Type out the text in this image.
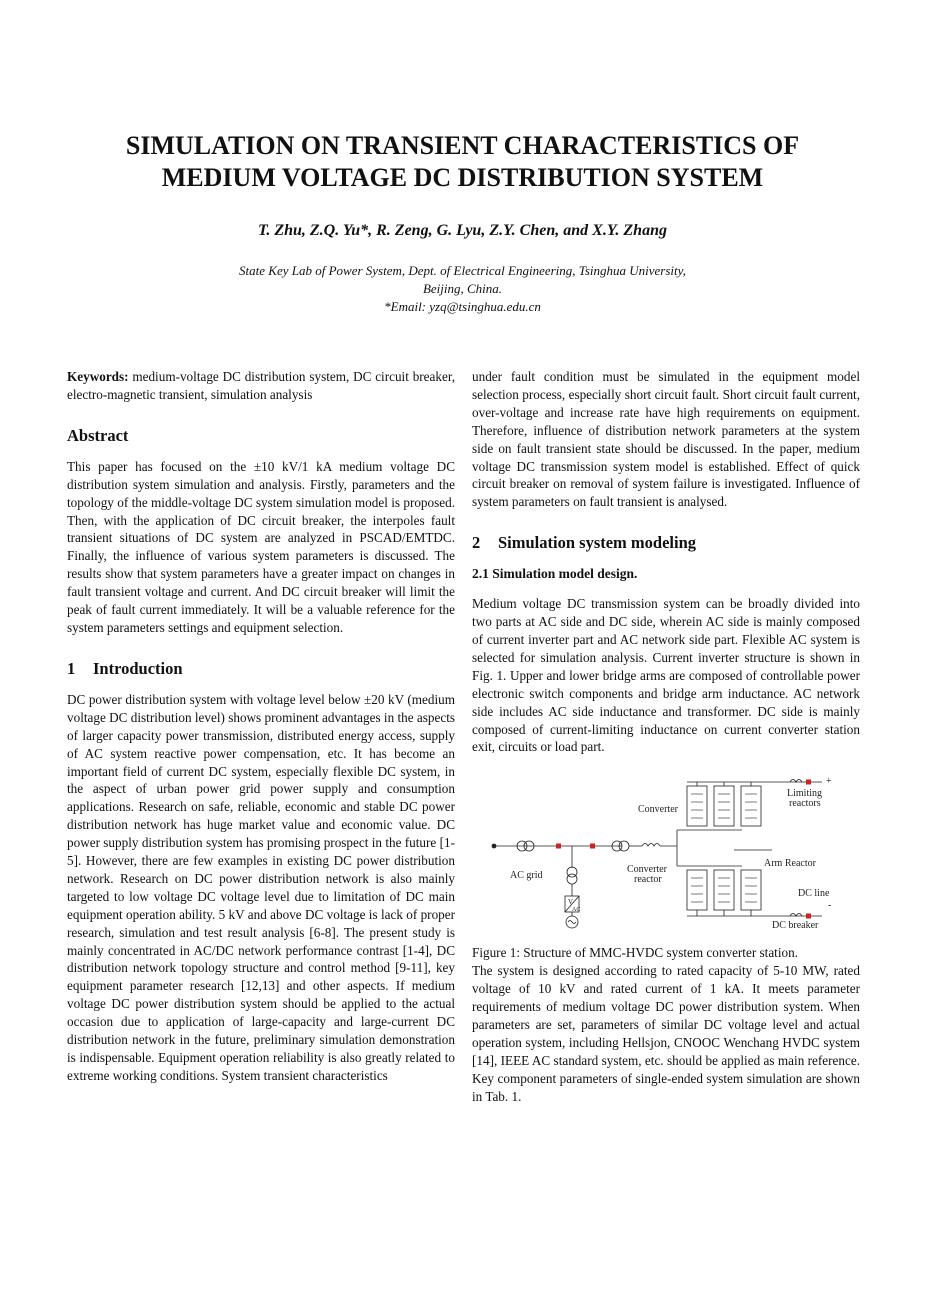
SIMULATION ON TRANSIENT CHARACTERISTICS OF
MEDIUM VOLTAGE DC DISTRIBUTION SYSTEM
T. Zhu, Z.Q. Yu*, R. Zeng, G. Lyu, Z.Y. Chen, and X.Y. Zhang
State Key Lab of Power System, Dept. of Electrical Engineering, Tsinghua University,
Beijing, China.
*Email: yzq@tsinghua.edu.cn

Keywords: medium-voltage DC distribution system, DC circuit breaker, electro-magnetic transient, simulation analysis

Abstract

This paper has focused on the ±10 kV/1 kA medium voltage DC distribution system simulation and analysis. Firstly, parameters and the topology of the middle-voltage DC system simulation model is proposed. Then, with the application of DC circuit breaker, the interpoles fault transient situations of DC system are analyzed in PSCAD/EMTDC. Finally, the influence of various system parameters is discussed. The results show that system parameters have a greater impact on changes in fault transient voltage and current. And DC circuit breaker will limit the peak of fault current immediately. It will be a valuable reference for the system parameters settings and equipment selection.

1 Introduction

DC power distribution system with voltage level below ±20 kV (medium voltage DC distribution level) shows prominent advantages in the aspects of larger capacity power transmission, distributed energy access, supply of AC system reactive power compensation, etc. It has become an important field of current DC system, especially flexible DC system, in the aspect of urban power grid power supply and consumption applications. Research on safe, reliable, economic and stable DC power distribution network has huge market value and economic value. DC power supply distribution system has promising prospect in the future [1-5]. However, there are few examples in existing DC power distribution network. Research on DC power distribution network is also mainly targeted to low voltage DC voltage level due to limitation of DC main equipment operation ability. 5 kV and above DC voltage is lack of proper research, simulation and test result analysis [6-8]. The present study is mainly concentrated in AC/DC network performance contrast [1-4], DC distribution network topology structure and control method [9-11], key equipment parameter research [12,13] and other aspects. If medium voltage DC power distribution system should be applied to the actual occasion due to application of large-capacity and large-current DC distribution network in the future, preliminary simulation demonstration is indispensable. Equipment operation reliability is also greatly related to extreme working conditions. System transient characteristics

under fault condition must be simulated in the equipment model selection process, especially short circuit fault. Short circuit fault current, over-voltage and increase rate have high requirements on equipment. Therefore, influence of distribution network parameters at the system side on fault transient state should be discussed. In the paper, medium voltage DC transmission system model is established. Effect of quick circuit breaker on removal of system failure is investigated. Influence of system parameters on fault transient is analysed.

2 Simulation system modeling
2.1 Simulation model design.

Medium voltage DC transmission system can be broadly divided into two parts at AC side and DC side, wherein AC side is mainly composed of current inverter part and AC network side part. Flexible AC system is selected for simulation analysis. Current inverter structure is shown in Fig. 1. Upper and lower bridge arms are composed of controllable power electronic switch components and bridge arm inductance. AC network side includes AC side inductance and transformer. DC side is mainly composed of current-limiting inductance on current converter station exit, circuits or load part.

Converter
Limiting
reactors
+
Arm Reactor
AC grid
Converter
reactor
DC line
-
DC breaker
V
AC

Figure 1: Structure of MMC-HVDC system converter station.

The system is designed according to rated capacity of 5-10 MW, rated voltage of 10 kV and rated current of 1 kA. It meets parameter requirements of medium voltage DC power distribution system. When parameters are set, parameters of similar DC voltage level and actual operation system, including Hellsjon, CNOOC Wenchang HVDC system [14], IEEE AC standard system, etc. should be applied as main reference. Key component parameters of single-ended system simulation are shown in Tab. 1.
